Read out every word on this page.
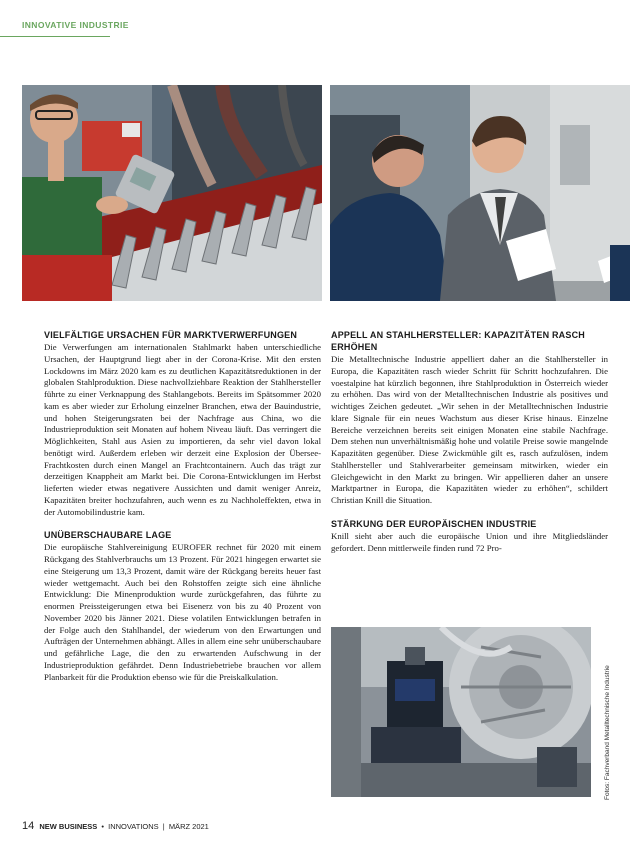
INNOVATIVE INDUSTRIE
VIELFÄLTIGE URSACHEN FÜR MARKTVERWERFUNGEN

Die Verwerfungen am internationalen Stahlmarkt haben unterschiedliche Ursachen, der Hauptgrund liegt aber in der Corona-Krise. Mit den ersten Lockdowns im März 2020 kam es zu deutlichen Kapazitätsreduktionen in der globalen Stahlproduktion. Diese nachvollziehbare Reaktion der Stahlhersteller führte zu einer Verknappung des Stahlangebots. Bereits im Spätsommer 2020 kam es aber wieder zur Erholung einzelner Branchen, etwa der Bauindustrie, und hohen Steigerungsraten bei der Nachfrage aus China, wo die Industrieproduktion seit Monaten auf hohem Niveau läuft. Das verringert die Möglichkeiten, Stahl aus Asien zu importieren, da sehr viel davon lokal benötigt wird. Außerdem erleben wir derzeit eine Explosion der Übersee-Frachtkosten durch einen Mangel an Frachtcontainern. Auch das trägt zur derzeitigen Knappheit am Markt bei. Die Corona-Entwicklungen im Herbst lieferten wieder etwas negativere Aussichten und damit weniger Anreiz, Kapazitäten breiter hochzufahren, auch wenn es zu Nachholeffekten, etwa in der Automobilindustrie kam.

UNÜBERSCHAUBARE LAGE

Die europäische Stahlvereinigung EUROFER rechnet für 2020 mit einem Rückgang des Stahlverbrauchs um 13 Prozent. Für 2021 hingegen erwartet sie eine Steigerung um 13,3 Prozent, damit wäre der Rückgang bereits heuer fast wieder wettgemacht. Auch bei den Rohstoffen zeigte sich eine ähnliche Entwicklung: Die Minenproduktion wurde zurückgefahren, das führte zu enormen Preissteigerungen etwa bei Eisenerz von bis zu 40 Prozent von November 2020 bis Jänner 2021. Diese volatilen Entwicklungen betrafen in der Folge auch den Stahlhandel, der wiederum von den Erwartungen und Aufträgen der Unternehmen abhängt. Alles in allem eine sehr unüberschaubare und gefährliche Lage, die den zu erwartenden Aufschwung in der Industrieproduktion gefährdet. Denn Industriebetriebe brauchen vor allem Planbarkeit für die Produktion ebenso wie für die Preiskalkulation.

APPELL AN STAHLHERSTELLER: KAPAZITÄTEN RASCH ERHÖHEN

Die Metalltechnische Industrie appelliert daher an die Stahlhersteller in Europa, die Kapazitäten rasch wieder Schritt für Schritt hochzufahren. Die voestalpine hat kürzlich begonnen, ihre Stahlproduktion in Österreich wieder zu erhöhen. Das wird von der Metalltechnischen Industrie als positives und wichtiges Zeichen gedeutet. „Wir sehen in der Metalltechnischen Industrie klare Signale für ein neues Wachstum aus dieser Krise hinaus. Einzelne Bereiche verzeichnen bereits seit einigen Monaten eine stabile Nachfrage. Dem stehen nun unverhältnismäßig hohe und volatile Preise sowie mangelnde Kapazitäten gegenüber. Diese Zwickmühle gilt es, rasch aufzulösen, indem Stahlhersteller und Stahlverarbeiter gemeinsam mitwirken, wieder ein Gleichgewicht in den Markt zu bringen. Wir appellieren daher an unsere Marktpartner in Europa, die Kapazitäten wieder zu erhöhen“, schildert Christian Knill die Situation.

STÄRKUNG DER EUROPÄISCHEN INDUSTRIE

Knill sieht aber auch die europäische Union und ihre Mitgliedsländer gefordert. Denn mittlerweile finden rund 72 Pro-

Fotos: Fachverband Metalltechnische Industrie
14 NEW BUSINESS • INNOVATIONS | MÄRZ 2021
